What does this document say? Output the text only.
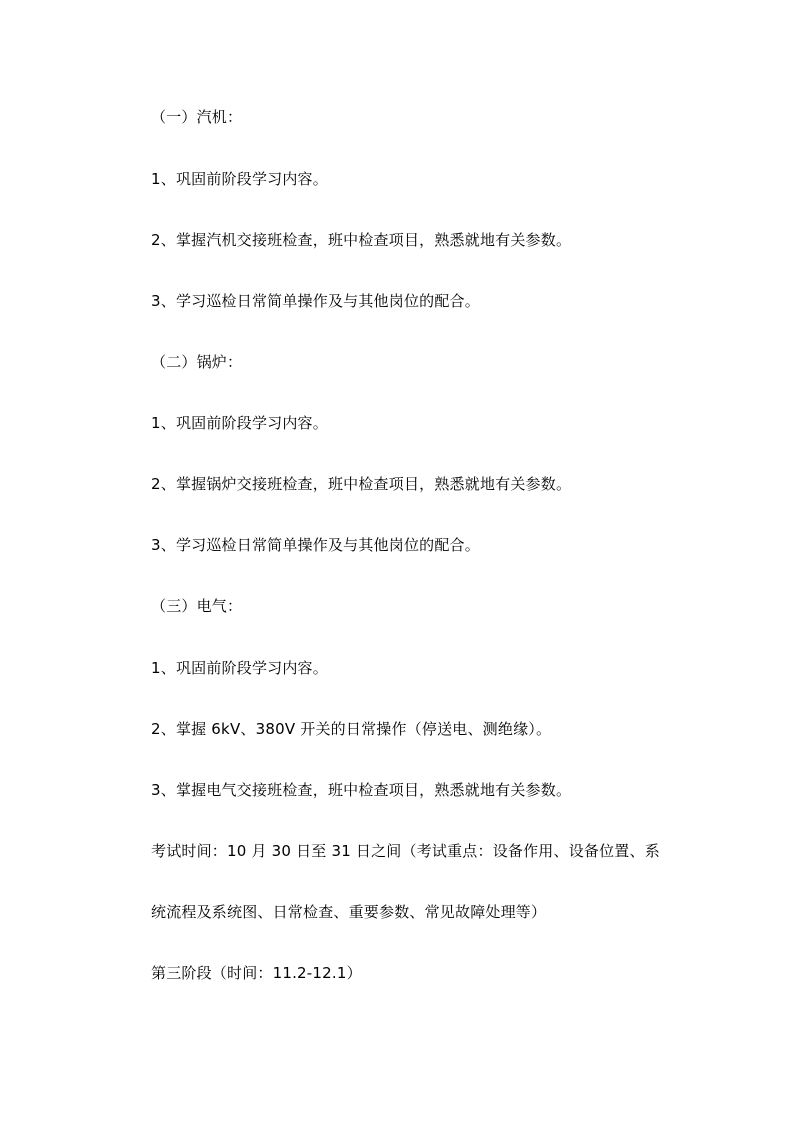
（一）汽机：
1、巩固前阶段学习内容。
2、掌握汽机交接班检查，班中检查项目，熟悉就地有关参数。
3、学习巡检日常简单操作及与其他岗位的配合。
（二）锅炉：
1、巩固前阶段学习内容。
2、掌握锅炉交接班检查，班中检查项目，熟悉就地有关参数。
3、学习巡检日常简单操作及与其他岗位的配合。
（三）电气：
1、巩固前阶段学习内容。
2、掌握 6kV、380V 开关的日常操作（停送电、测绝缘）。
3、掌握电气交接班检查，班中检查项目，熟悉就地有关参数。
考试时间：10 月 30 日至 31 日之间（考试重点：设备作用、设备位置、系
统流程及系统图、日常检查、重要参数、常见故障处理等）
第三阶段（时间：11.2-12.1）
